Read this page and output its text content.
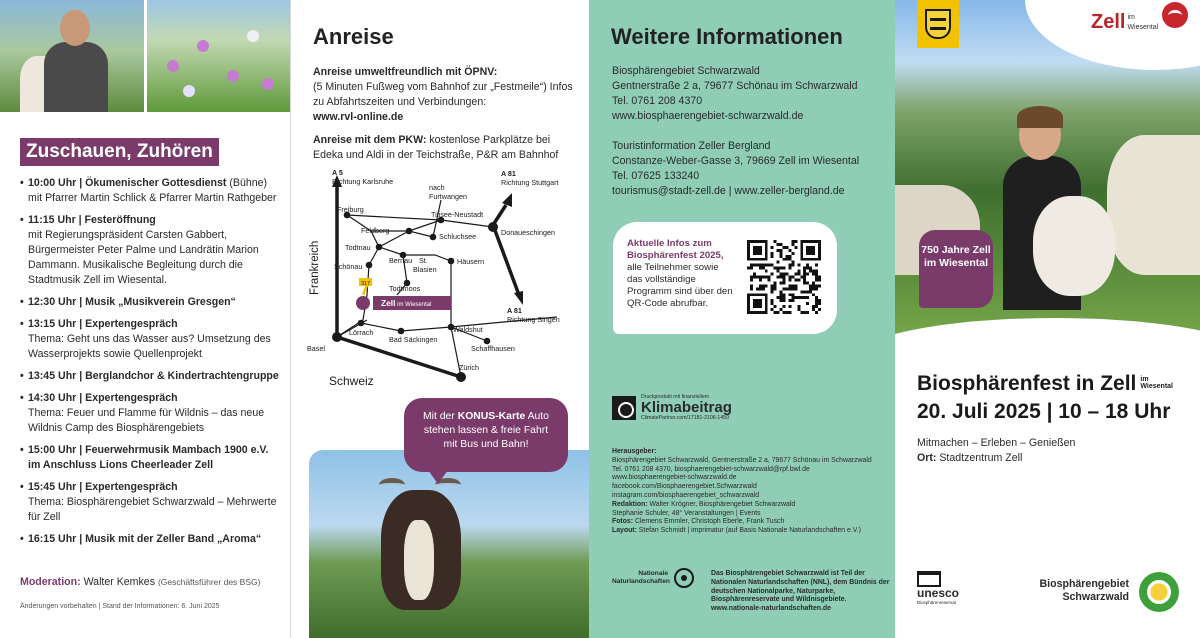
Zuschauen, Zuhören
• 10:00 Uhr | Ökumenischer Gottesdienst (Bühne)
mit Pfarrer Martin Schlick & Pfarrer Martin Rathgeber
• 11:15 Uhr | Festeröffnung
mit Regierungspräsident Carsten Gabbert, Bürgermeister Peter Palme und Landrätin Marion Dammann. Musikalische Begleitung durch die Stadtmusik Zell im Wiesental.
• 12:30 Uhr | Musik „Musikverein Gresgen“
• 13:15 Uhr | Expertengespräch
Thema: Geht uns das Wasser aus? Umsetzung des Wasserprojekts sowie Quellenprojekt
• 13:45 Uhr | Berglandchor & Kindertrachtengruppe
• 14:30 Uhr | Expertengespräch
Thema: Feuer und Flamme für Wildnis – das neue Wildnis Camp des Biosphärengebiets
• 15:00 Uhr | Feuerwehrmusik Mambach 1900 e.V. im Anschluss Lions Cheerleader Zell
• 15:45 Uhr | Expertengespräch
Thema: Biosphärengebiet Schwarzwald – Mehrwerte für Zell
• 16:15 Uhr | Musik mit der Zeller Band „Aroma“
Moderation: Walter Kemkes (Geschäftsführer des BSG)
Änderungen vorbehalten | Stand der Informationen: 6. Juni 2025
Anreise

Anreise umweltfreundlich mit ÖPNV:
(5 Minuten Fußweg vom Bahnhof zur „Festmeile“) Infos zu Abfahrtszeiten und Verbindungen:
www.rvl-online.de

Anreise mit dem PKW: kostenlose Parkplätze bei Edeka und Aldi in der Teichstraße, P&R am Bahnhof

A 5
Richtung Karlsruhe
A 81
Richtung Stuttgart
A 81
Richtung Singen
nach
Furtwangen
Freiburg
Feldberg
Titisee-Neustadt
Schluchsee	Donaueschingen
Todtnau
Bernau St.
Blasien
Häusern
Schönau
Todtmoos
Lörrach
Bad Säckingen
Waldshut
Schaffhausen
Basel
Zürich
317
Zell im Wiesental
Frankreich
Schweiz
Mit der KONUS-Karte Auto stehen lassen & freie Fahrt mit Bus und Bahn!
Weitere Informationen
Biosphärengebiet Schwarzwald
Gentnerstraße 2 a, 79677 Schönau im Schwarzwald
Tel. 0761 208 4370
www.biosphaerengebiet-schwarzwald.de
Touristinformation Zeller Bergland
Constanze-Weber-Gasse 3, 79669 Zell im Wiesental
Tel. 07625 133240
tourismus@stadt-zell.de | www.zeller-bergland.de
Aktuelle Infos zum Biosphärenfest 2025, alle Teilnehmer sowie das vollständige Programm sind über den QR-Code abrufbar.
Druckprodukt mit finanziellem
Klimabeitrag
ClimatePartner.com/17181-2106-1450
Herausgeber:
Biosphärengebiet Schwarzwald, Gentnerstraße 2 a, 79677 Schönau im Schwarzwald
Tel. 0761 208 4370, biosphaerengebiet-schwarzwald@rpf.bwl.de
www.biosphaerengebiet-schwarzwald.de
facebook.com/Biosphaerengebiet.Schwarzwald
instagram.com/biosphaerengebiet_schwarzwald
Redaktion: Walter Krögner, Biosphärengebiet Schwarzwald
Stephanie Schuler, 48° Veranstaltungen | Events
Fotos: Clemens Emmler, Christoph Eberle, Frank Tusch
Layout: Stefan Schmidt | imprimatur (auf Basis Nationale Naturlandschaften e.V.)
Nationale Naturlandschaften
Das Biosphärengebiet Schwarzwald ist Teil der Nationalen Naturlandschaften (NNL), dem Bündnis der deutschen Nationalparke, Naturparke, Biosphärenreservate und Wildnisgebiete. www.nationale-naturlandschaften.de
Zell im
Wiesental
750 Jahre Zell im Wiesental
Biosphärenfest in Zell im
Wiesental
20. Juli 2025 | 10 – 18 Uhr
Mitmachen – Erleben – Genießen
Ort: Stadtzentrum Zell
unesco
Biosphärenreservat
Biosphärengebiet Schwarzwald
